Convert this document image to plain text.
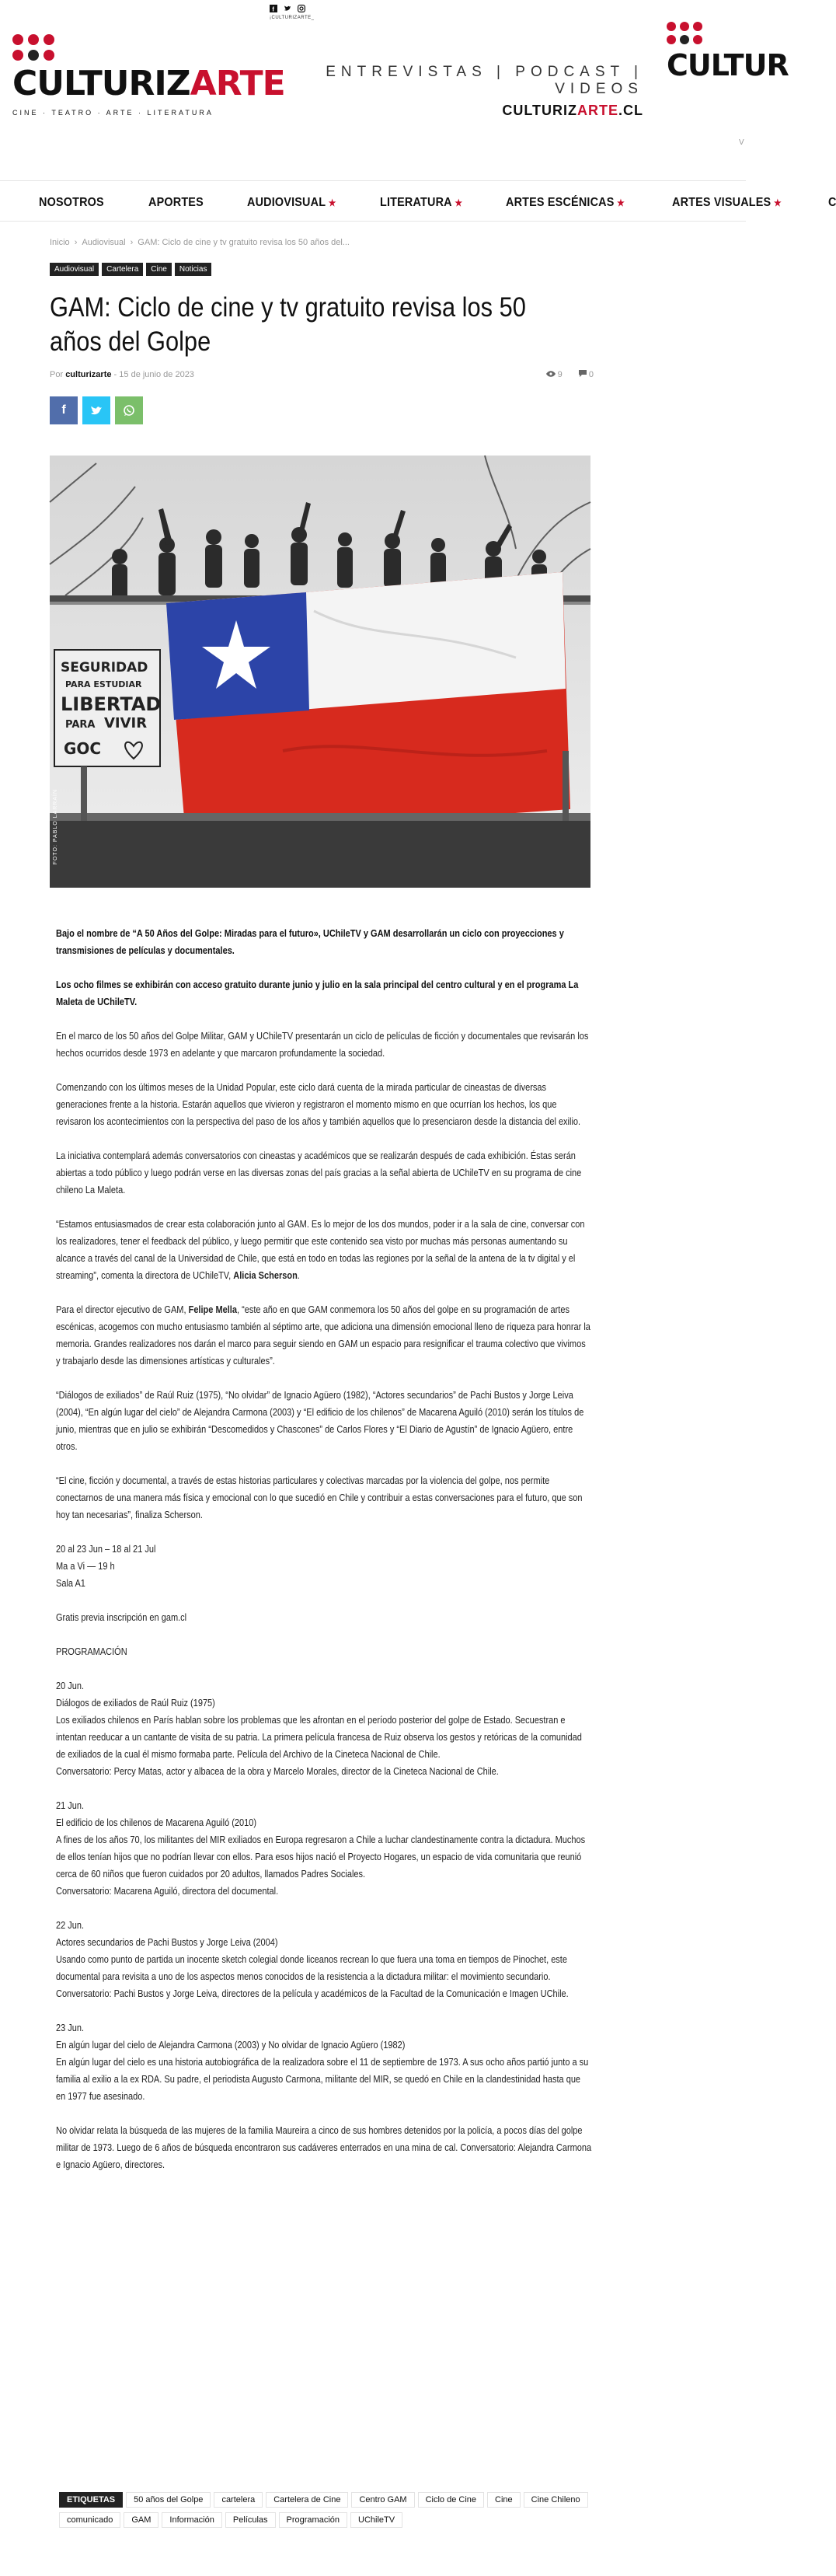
f
¡CULTURIZARTE_
CULTURIZARTE
CINE · TEATRO · ARTE · LITERATURA
ENTREVISTAS | PODCAST | VIDEOS
CULTURIZARTE.CL
CULTUR
V
NOSOTROS	APORTES	AUDIOVISUAL ★	LITERATURA ★	ARTES ESCÉNICAS ★	ARTES VISUALES ★	C
Inicio › Audiovisual › GAM: Ciclo de cine y tv gratuito revisa los 50 años del...
Audiovisual	Cartelera	Cine	Noticias
GAM: Ciclo de cine y tv gratuito revisa los 50 años del Golpe
Por culturizarte - 15 de junio de 2023	9	0
f
SEGURIDAD
PARA ESTUDIAR
LIBERTAD
PARA VIVIR
GOC
FOTO: PABLO LARRAÍN

Bajo el nombre de “A 50 Años del Golpe: Miradas para el futuro», UChileTV y GAM desarrollarán un ciclo con proyecciones y transmisiones de películas y documentales.

Los ocho filmes se exhibirán con acceso gratuito durante junio y julio en la sala principal del centro cultural y en el programa La Maleta de UChileTV.

En el marco de los 50 años del Golpe Militar, GAM y UChileTV presentarán un ciclo de películas de ficción y documentales que revisarán los hechos ocurridos desde 1973 en adelante y que marcaron profundamente la sociedad.

Comenzando con los últimos meses de la Unidad Popular, este ciclo dará cuenta de la mirada particular de cineastas de diversas generaciones frente a la historia. Estarán aquellos que vivieron y registraron el momento mismo en que ocurrían los hechos, los que revisaron los acontecimientos con la perspectiva del paso de los años y también aquellos que lo presenciaron desde la distancia del exilio.

La iniciativa contemplará además conversatorios con cineastas y académicos que se realizarán después de cada exhibición. Éstas serán abiertas a todo público y luego podrán verse en las diversas zonas del país gracias a la señal abierta de UChileTV en su programa de cine chileno La Maleta.

“Estamos entusiasmados de crear esta colaboración junto al GAM. Es lo mejor de los dos mundos, poder ir a la sala de cine, conversar con los realizadores, tener el feedback del público, y luego permitir que este contenido sea visto por muchas más personas aumentando su alcance a través del canal de la Universidad de Chile, que está en todo en todas las regiones por la señal de la antena de la tv digital y el streaming”, comenta la directora de UChileTV, Alicia Scherson.

Para el director ejecutivo de GAM, Felipe Mella, “este año en que GAM conmemora los 50 años del golpe en su programación de artes escénicas, acogemos con mucho entusiasmo también al séptimo arte, que adiciona una dimensión emocional lleno de riqueza para honrar la memoria. Grandes realizadores nos darán el marco para seguir siendo en GAM un espacio para resignificar el trauma colectivo que vivimos y trabajarlo desde las dimensiones artísticas y culturales”.

“Diálogos de exiliados” de Raúl Ruiz (1975), “No olvidar” de Ignacio Agüero (1982), “Actores secundarios” de Pachi Bustos y Jorge Leiva (2004), “En algún lugar del cielo” de Alejandra Carmona (2003) y “El edificio de los chilenos” de Macarena Aguiló (2010) serán los títulos de junio, mientras que en julio se exhibirán “Descomedidos y Chascones” de Carlos Flores y “El Diario de Agustín” de Ignacio Agüero, entre otros.

“El cine, ficción y documental, a través de estas historias particulares y colectivas marcadas por la violencia del golpe, nos permite conectarnos de una manera más física y emocional con lo que sucedió en Chile y contribuir a estas conversaciones para el futuro, que son hoy tan necesarias”, finaliza Scherson.

20 al 23 Jun – 18 al 21 Jul
Ma a Vi — 19 h
Sala A1

Gratis previa inscripción en gam.cl

PROGRAMACIÓN

20 Jun.
Diálogos de exiliados de Raúl Ruiz (1975)
Los exiliados chilenos en París hablan sobre los problemas que les afrontan en el período posterior del golpe de Estado. Secuestran e intentan reeducar a un cantante de visita de su patria. La primera película francesa de Ruiz observa los gestos y retóricas de la comunidad de exiliados de la cual él mismo formaba parte. Película del Archivo de la Cineteca Nacional de Chile.
Conversatorio: Percy Matas, actor y albacea de la obra y Marcelo Morales, director de la Cineteca Nacional de Chile.

21 Jun.
El edificio de los chilenos de Macarena Aguiló (2010)
A fines de los años 70, los militantes del MIR exiliados en Europa regresaron a Chile a luchar clandestinamente contra la dictadura. Muchos de ellos tenían hijos que no podrían llevar con ellos. Para esos hijos nació el Proyecto Hogares, un espacio de vida comunitaria que reunió cerca de 60 niños que fueron cuidados por 20 adultos, llamados Padres Sociales.
Conversatorio: Macarena Aguiló, directora del documental.

22 Jun.
Actores secundarios de Pachi Bustos y Jorge Leiva (2004)
Usando como punto de partida un inocente sketch colegial donde liceanos recrean lo que fuera una toma en tiempos de Pinochet, este documental para revisita a uno de los aspectos menos conocidos de la resistencia a la dictadura militar: el movimiento secundario.
Conversatorio: Pachi Bustos y Jorge Leiva, directores de la película y académicos de la Facultad de la Comunicación e Imagen UChile.

23 Jun.
En algún lugar del cielo de Alejandra Carmona (2003) y No olvidar de Ignacio Agüero (1982)
En algún lugar del cielo es una historia autobiográfica de la realizadora sobre el 11 de septiembre de 1973. A sus ocho años partió junto a su familia al exilio a la ex RDA. Su padre, el periodista Augusto Carmona, militante del MIR, se quedó en Chile en la clandestinidad hasta que en 1977 fue asesinado.

No olvidar relata la búsqueda de las mujeres de la familia Maureira a cinco de sus hombres detenidos por la policía, a pocos días del golpe militar de 1973. Luego de 6 años de búsqueda encontraron sus cadáveres enterrados en una mina de cal. Conversatorio: Alejandra Carmona e Ignacio Agüero, directores.

ETIQUETAS	50 años del Golpe	cartelera	Cartelera de Cine	Centro GAM	Ciclo de Cine	Cine	Cine Chileno
comunicado	GAM	Información	Películas	Programación	UChileTV
